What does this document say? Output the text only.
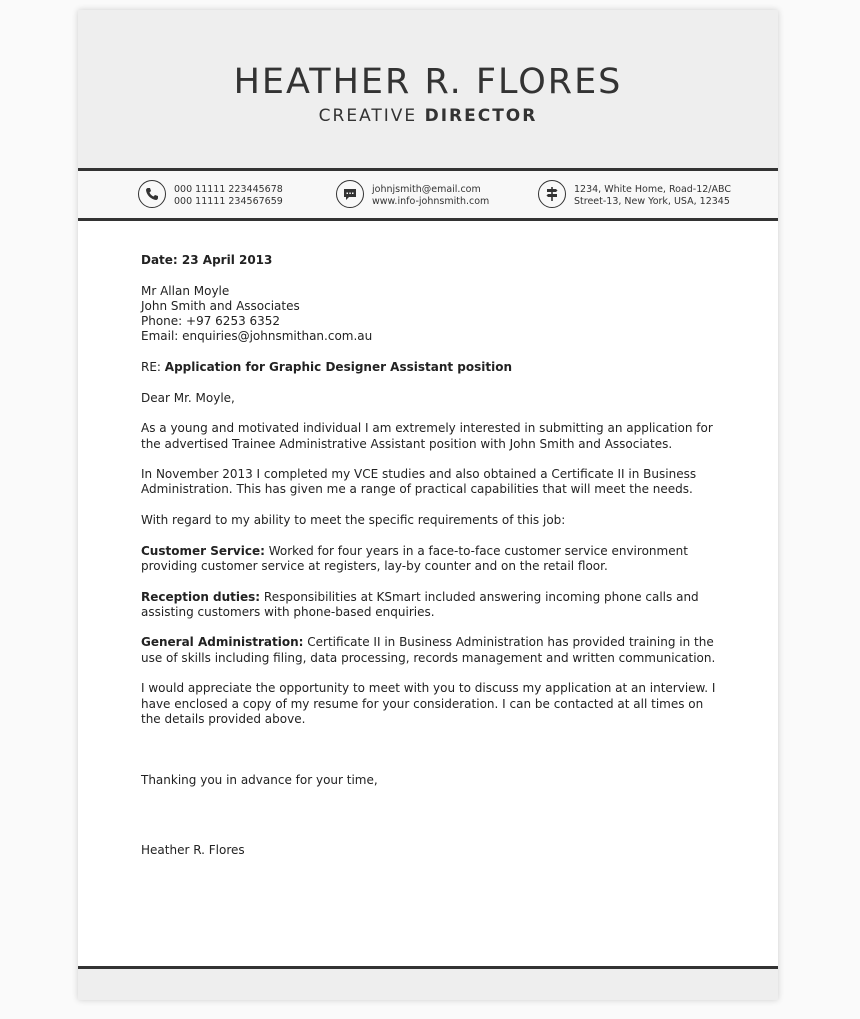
HEATHER R. FLORES
CREATIVE DIRECTOR
000 11111 223445678
000 11111 234567659
johnjsmith@email.com
www.info-johnsmith.com
1234, White Home, Road-12/ABC
Street-13, New York, USA, 12345

Date: 23 April 2013

Mr Allan Moyle
John Smith and Associates
Phone: +97 6253 6352
Email: enquiries@johnsmithan.com.au

RE: Application for Graphic Designer Assistant position

Dear Mr. Moyle,

As a young and motivated individual I am extremely interested in submitting an application for the advertised Trainee Administrative Assistant position with John Smith and Associates.

In November 2013 I completed my VCE studies and also obtained a Certificate II in Business Administration. This has given me a range of practical capabilities that will meet the needs.

With regard to my ability to meet the specific requirements of this job:

Customer Service: Worked for four years in a face-to-face customer service environment providing customer service at registers, lay-by counter and on the retail floor.

Reception duties: Responsibilities at KSmart included answering incoming phone calls and assisting customers with phone-based enquiries.

General Administration: Certificate II in Business Administration has provided training in the use of skills including filing, data processing, records management and written communication.

I would appreciate the opportunity to meet with you to discuss my application at an interview. I have enclosed a copy of my resume for your consideration. I can be contacted at all times on the details provided above.

Thanking you in advance for your time,

Heather R. Flores
